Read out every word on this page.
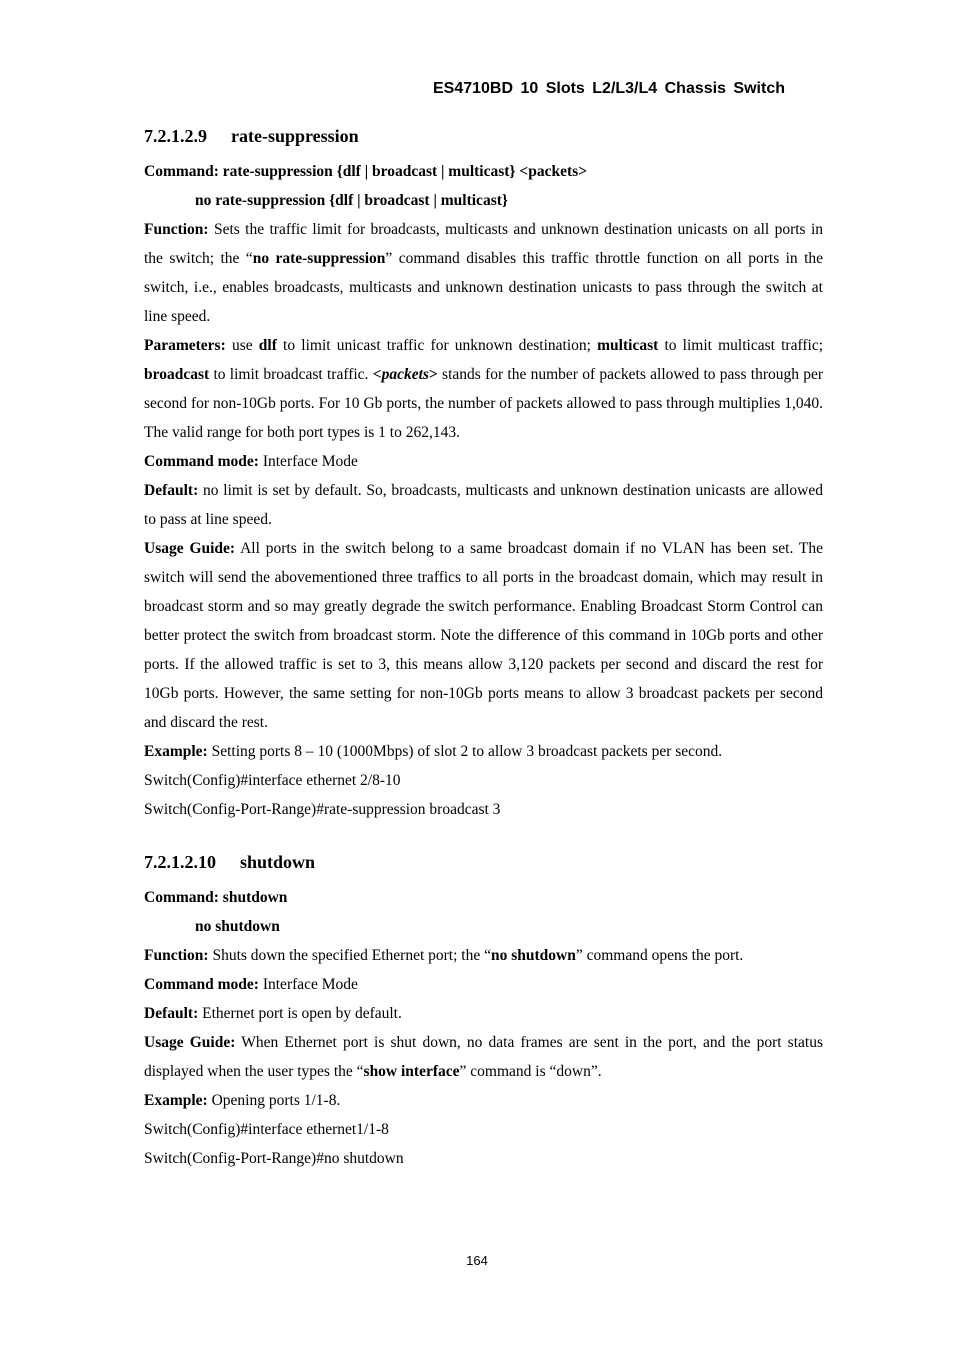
ES4710BD 10 Slots L2/L3/L4 Chassis Switch
7.2.1.2.9 rate-suppression

Command: rate-suppression {dlf | broadcast | multicast} <packets>

no rate-suppression {dlf | broadcast | multicast}

Function: Sets the traffic limit for broadcasts, multicasts and unknown destination unicasts on all ports in the switch; the “no rate-suppression” command disables this traffic throttle function on all ports in the switch, i.e., enables broadcasts, multicasts and unknown destination unicasts to pass through the switch at line speed.

Parameters: use dlf to limit unicast traffic for unknown destination; multicast to limit multicast traffic; broadcast to limit broadcast traffic. <packets> stands for the number of packets allowed to pass through per second for non-10Gb ports. For 10 Gb ports, the number of packets allowed to pass through multiplies 1,040. The valid range for both port types is 1 to 262,143.

Command mode: Interface Mode

Default: no limit is set by default. So, broadcasts, multicasts and unknown destination unicasts are allowed to pass at line speed.

Usage Guide: All ports in the switch belong to a same broadcast domain if no VLAN has been set. The switch will send the abovementioned three traffics to all ports in the broadcast domain, which may result in broadcast storm and so may greatly degrade the switch performance. Enabling Broadcast Storm Control can better protect the switch from broadcast storm. Note the difference of this command in 10Gb ports and other ports. If the allowed traffic is set to 3, this means allow 3,120 packets per second and discard the rest for 10Gb ports. However, the same setting for non-10Gb ports means to allow 3 broadcast packets per second and discard the rest.

Example: Setting ports 8 – 10 (1000Mbps) of slot 2 to allow 3 broadcast packets per second.

Switch(Config)#interface ethernet 2/8-10

Switch(Config-Port-Range)#rate-suppression broadcast 3

7.2.1.2.10 shutdown

Command: shutdown

no shutdown

Function: Shuts down the specified Ethernet port; the “no shutdown” command opens the port.

Command mode: Interface Mode

Default: Ethernet port is open by default.

Usage Guide: When Ethernet port is shut down, no data frames are sent in the port, and the port status displayed when the user types the “show interface” command is “down”.

Example: Opening ports 1/1-8.

Switch(Config)#interface ethernet1/1-8

Switch(Config-Port-Range)#no shutdown

164
